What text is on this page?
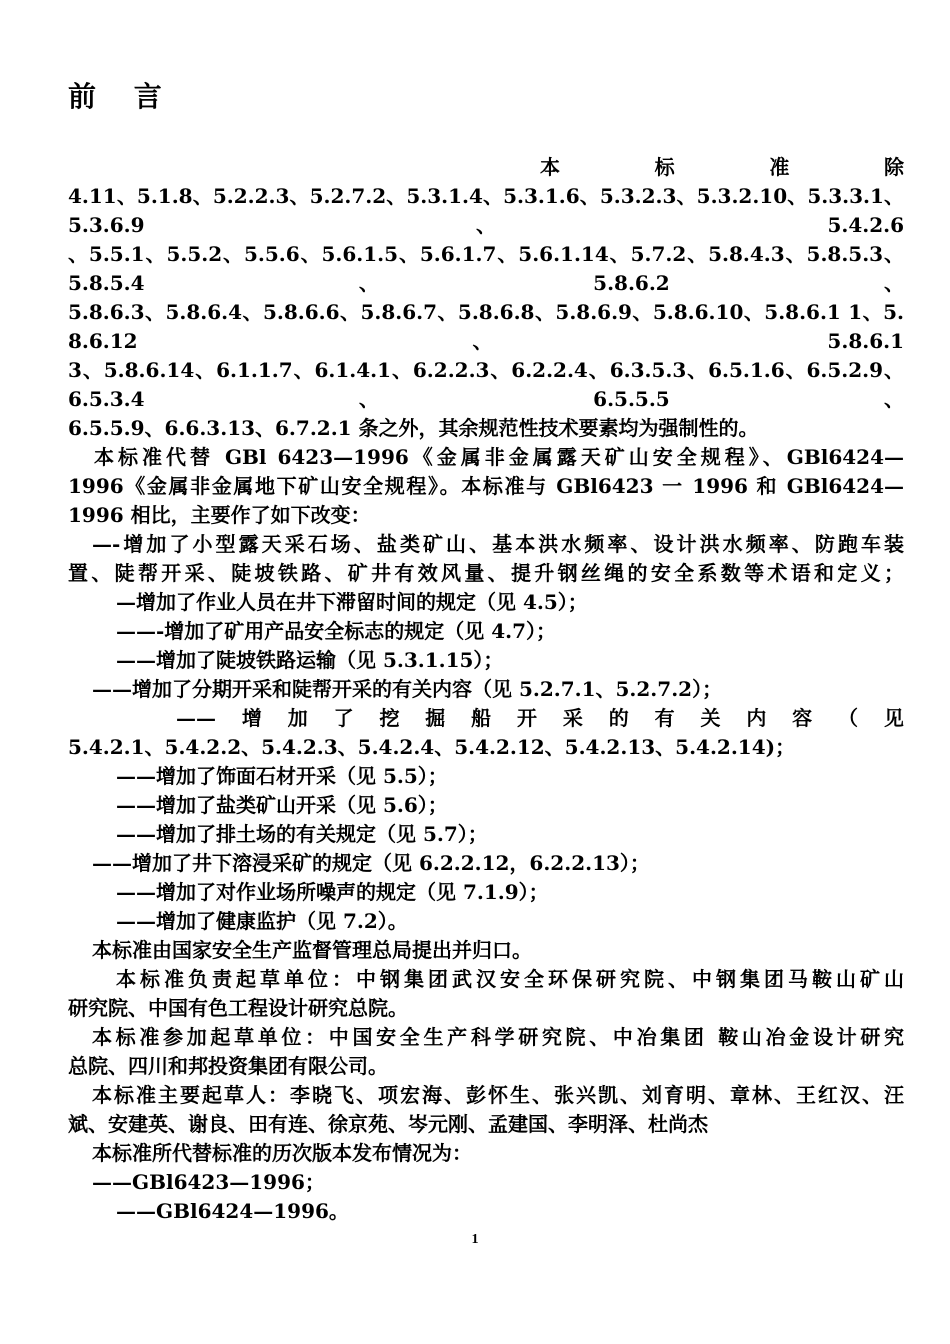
前 言
本	标	准	除
4.11、5.1.8、5.2.2.3、5.2.7.2、5.3.1.4、5.3.1.6、5.3.2.3、5.3.2.10、5.3.3.1、5.3.6.9、5.4.2.6
、5.5.1、5.5.2、5.5.6、5.6.1.5、5.6.1.7、5.6.1.14、5.7.2、5.8.4.3、5.8.5.3、5.8.5.4、5.8.6.2、
5.8.6.3、5.8.6.4、5.8.6.6、5.8.6.7、5.8.6.8、5.8.6.9、5.8.6.10、5.8.6.1 1、5.8.6.12、5.8.6.1
3、5.8.6.14、6.1.1.7、6.1.4.1、6.2.2.3、6.2.2.4、6.3.5.3、6.5.1.6、6.5.2.9、6.5.3.4、6.5.5.5、
6.5.5.9、6.6.3.13、6.7.2.1 条之外，其余规范性技术要素均为强制性的。
本标准代替 GBl 6423—1996《金属非金属露天矿山安全规程》、GBl6424—
1996《金属非金属地下矿山安全规程》。本标准与 GBl6423 一 1996 和 GBl6424—
1996 相比，主要作了如下改变：
—-增加了小型露天采石场、盐类矿山、基本洪水频率、设计洪水频率、防跑车装
置、陡帮开采、陡坡铁路、矿井有效风量、提升钢丝绳的安全系数等术语和定义；
—增加了作业人员在井下滞留时间的规定（见 4.5）；
——-增加了矿用产品安全标志的规定（见 4.7）；
——增加了陡坡铁路运输（见 5.3.1.15）；
——增加了分期开采和陡帮开采的有关内容（见 5.2.7.1、5.2.7.2）；
—— 增 加 了 挖 掘 船 开 采 的 有 关 内 容 （ 见
5.4.2.1、5.4.2.2、5.4.2.3、5.4.2.4、5.4.2.12、5.4.2.13、5.4.2.14)；
——增加了饰面石材开采（见 5.5）；
——增加了盐类矿山开采（见 5.6）；
——增加了排土场的有关规定（见 5.7）；
——增加了井下溶浸采矿的规定（见 6.2.2.12，6.2.2.13）；
——增加了对作业场所噪声的规定（见 7.1.9）；
——增加了健康监护（见 7.2）。
本标准由国家安全生产监督管理总局提出并归口。
本标准负责起草单位：中钢集团武汉安全环保研究院、中钢集团马鞍山矿山
研究院、中国有色工程设计研究总院。
本标准参加起草单位：中国安全生产科学研究院、中冶集团 鞍山冶金设计研究
总院、四川和邦投资集团有限公司。
本标准主要起草人：李晓飞、项宏海、彭怀生、张兴凯、刘育明、章林、王红汉、汪
斌、安建英、谢良、田有连、徐京苑、岑元刚、孟建国、李明泽、杜尚杰
本标准所代替标准的历次版本发布情况为：
——GBl6423—1996；
——GBl6424—1996。
1
